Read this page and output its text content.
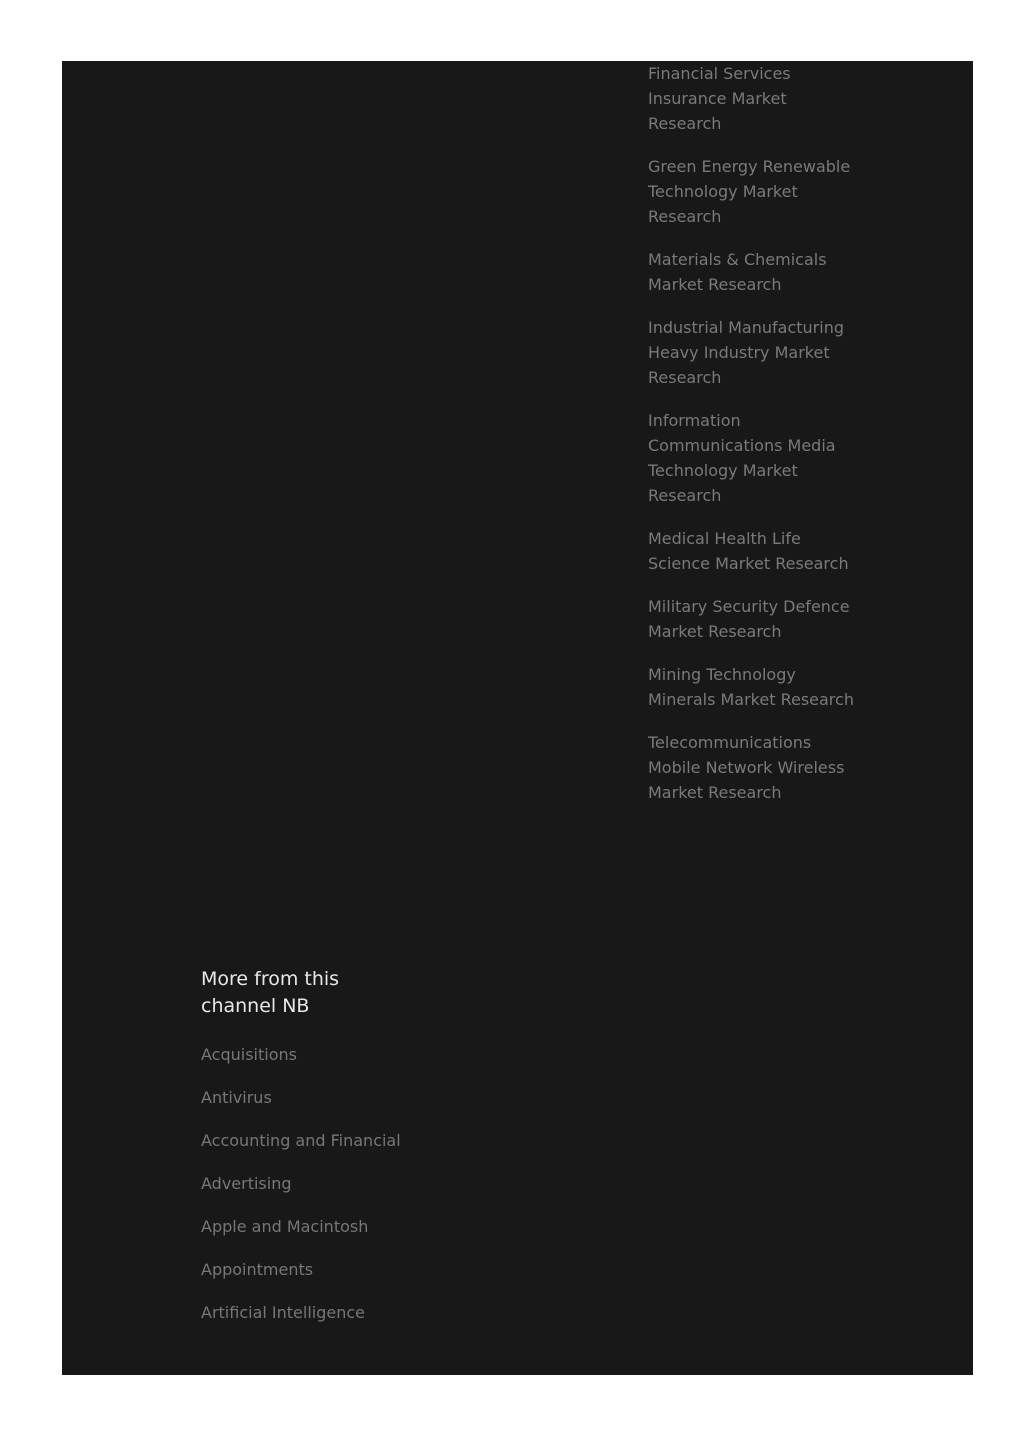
Financial Services Insurance Market Research
Green Energy Renewable Technology Market Research
Materials & Chemicals Market Research
Industrial Manufacturing Heavy Industry Market Research
Information Communications Media Technology Market Research
Medical Health Life Science Market Research
Military Security Defence Market Research
Mining Technology Minerals Market Research
Telecommunications Mobile Network Wireless Market Research
More from this channel NB
Acquisitions
Antivirus
Accounting and Financial
Advertising
Apple and Macintosh
Appointments
Artificial Intelligence
